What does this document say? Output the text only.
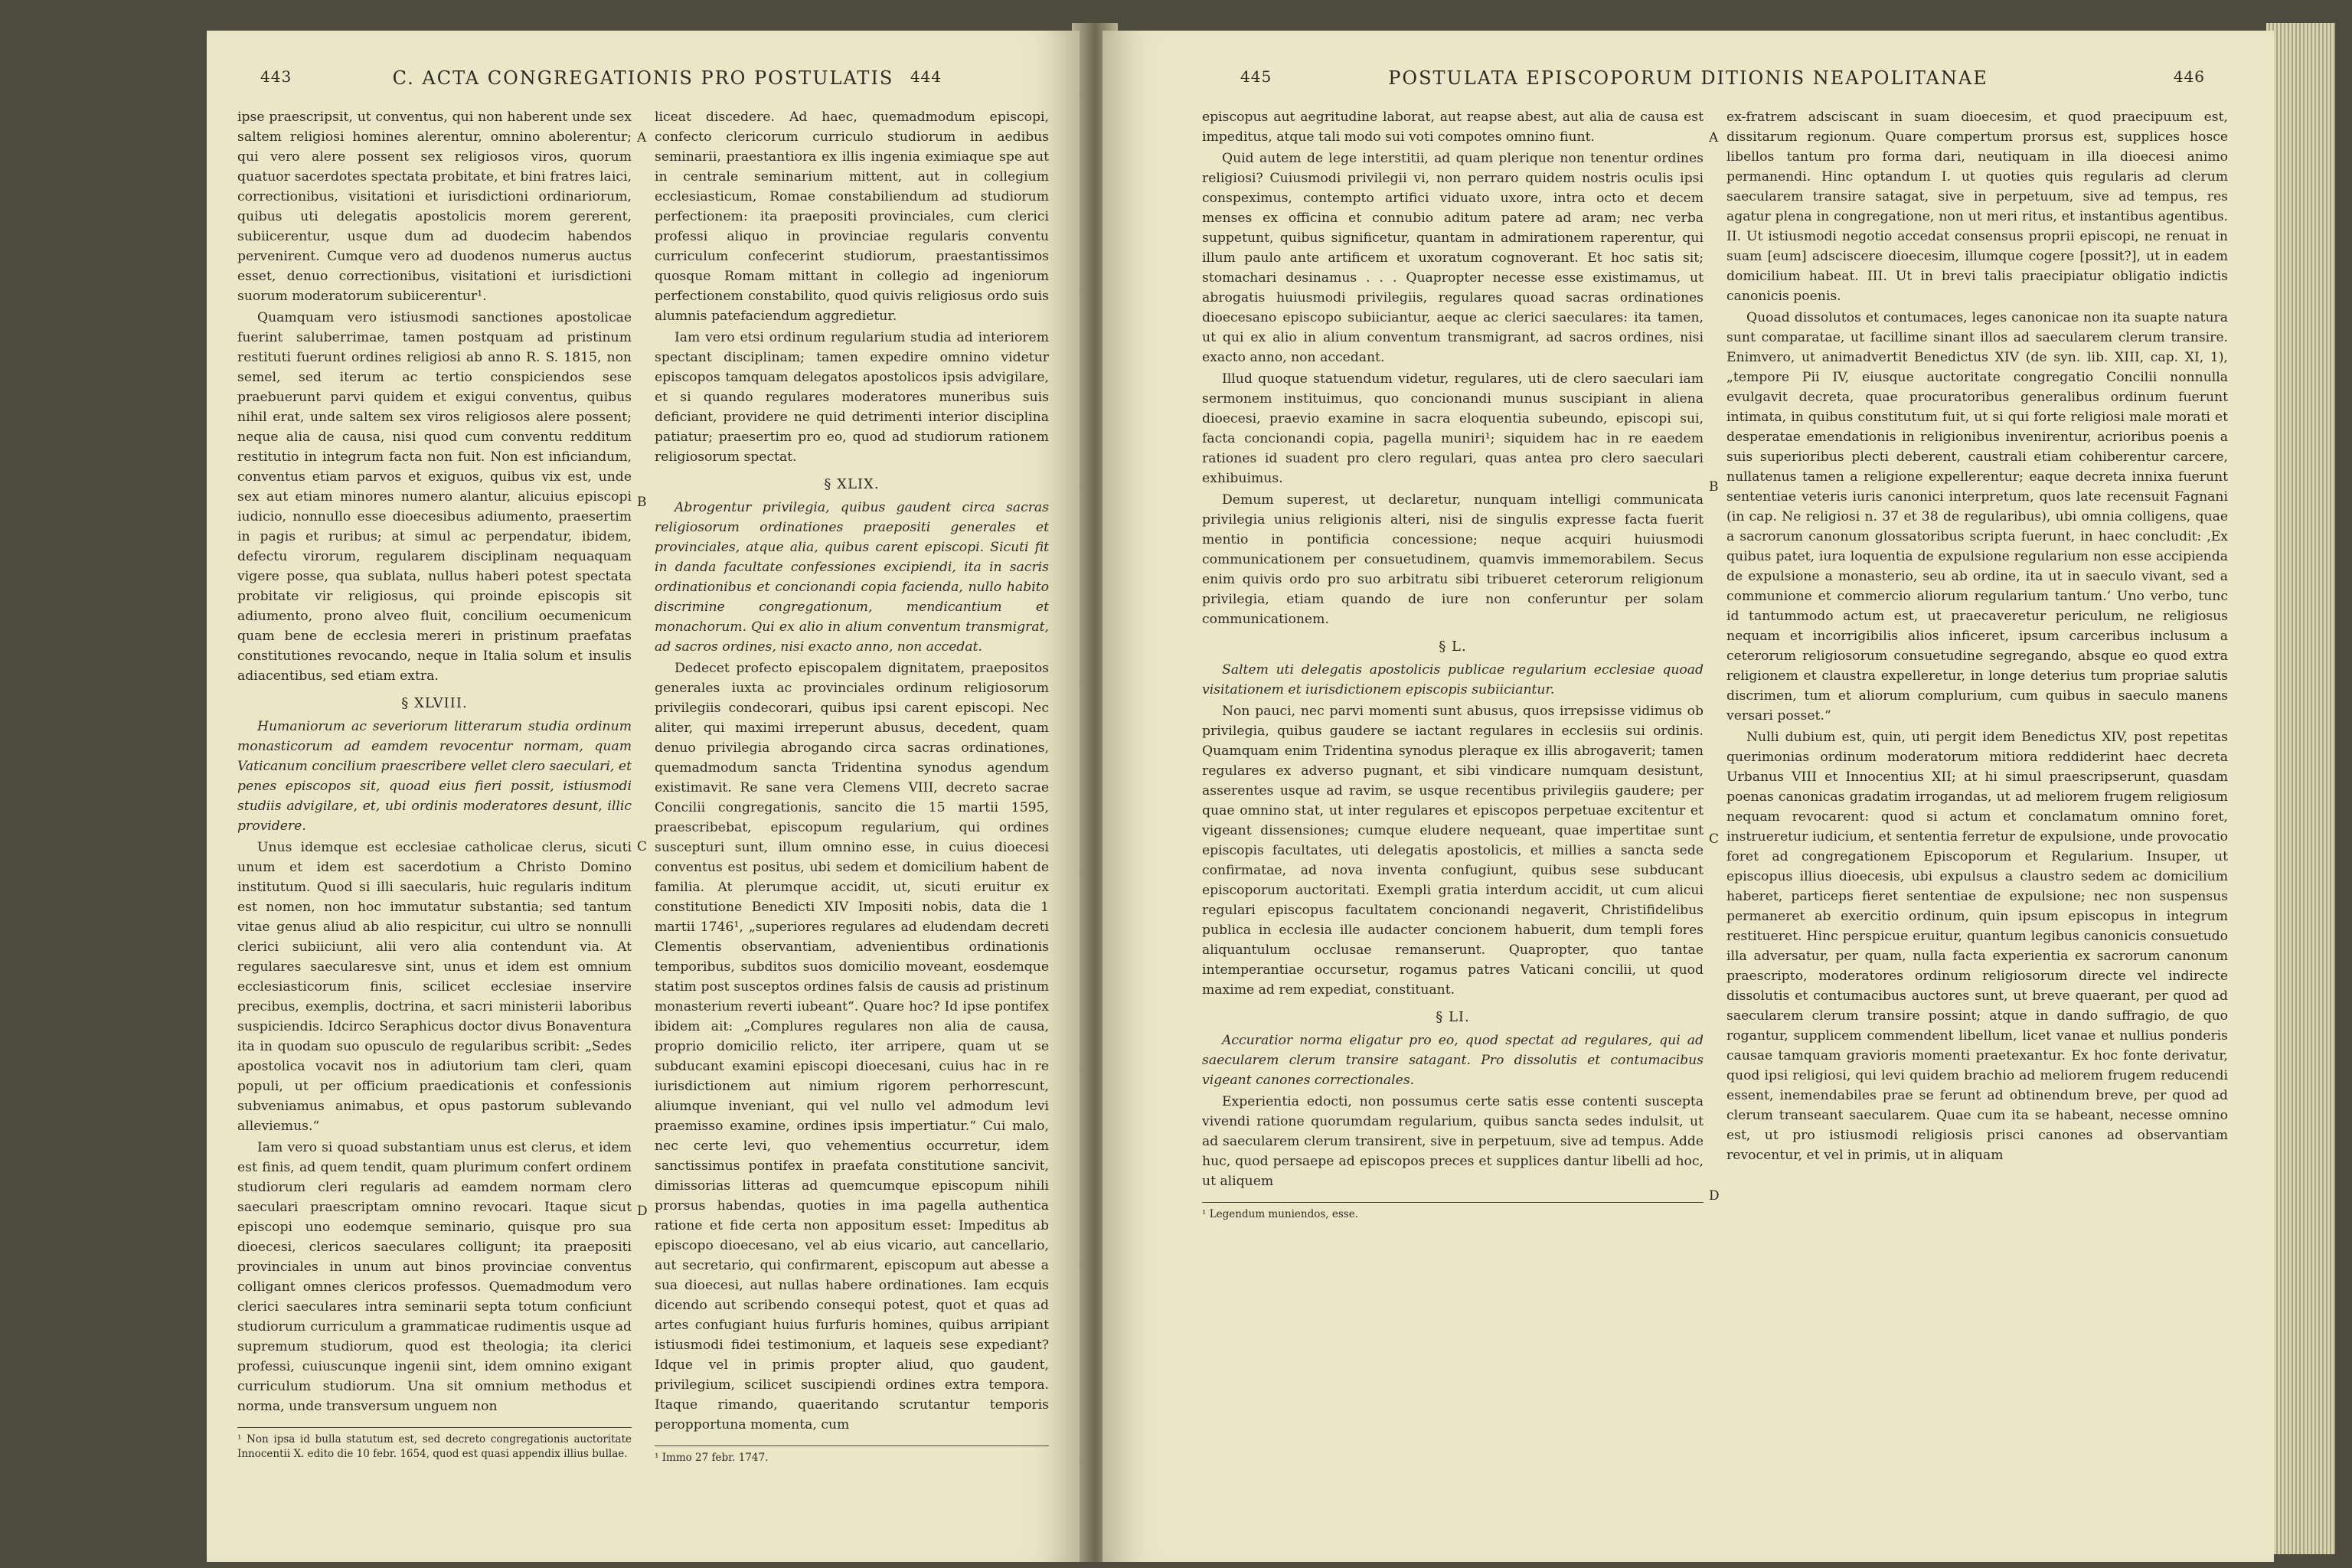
443	C. ACTA CONGREGATIONIS PRO POSTULATIS	444

ipse praescripsit, ut conventus, qui non haberent unde sex saltem religiosi homines alerentur, omnino abolerentur; qui vero alere possent sex religiosos viros, quorum quatuor sacerdotes spectata probitate, et bini fratres laici, correctionibus, visitationi et iurisdictioni ordinariorum, quibus uti delegatis apostolicis morem gererent, subiicerentur, usque dum ad duodecim habendos pervenirent. Cumque vero ad duodenos numerus auctus esset, denuo correctionibus, visitationi et iurisdictioni suorum moderatorum subiicerentur¹.

Quamquam vero istiusmodi sanctiones apostolicae fuerint saluberrimae, tamen postquam ad pristinum restituti fuerunt ordines religiosi ab anno R. S. 1815, non semel, sed iterum ac tertio conspiciendos sese praebuerunt parvi quidem et exigui conventus, quibus nihil erat, unde saltem sex viros religiosos alere possent; neque alia de causa, nisi quod cum conventu redditum restitutio in integrum facta non fuit. Non est inficiandum, conventus etiam parvos et exiguos, quibus vix est, unde sex aut etiam minores numero alantur, alicuius episcopi iudicio, nonnullo esse dioecesibus adiumento, praesertim in pagis et ruribus; at simul ac perpendatur, ibidem, defectu virorum, regularem disciplinam nequaquam vigere posse, qua sublata, nullus haberi potest spectata probitate vir religiosus, qui proinde episcopis sit adiumento, prono alveo fluit, concilium oecumenicum quam bene de ecclesia mereri in pristinum praefatas constitutiones revocando, neque in Italia solum et insulis adiacentibus, sed etiam extra.

§ XLVIII.

Humaniorum ac severiorum litterarum studia ordinum monasticorum ad eamdem revocentur normam, quam Vaticanum concilium praescribere vellet clero saeculari, et penes episcopos sit, quoad eius fieri possit, istiusmodi studiis advigilare, et, ubi ordinis moderatores desunt, illic providere.

Unus idemque est ecclesiae catholicae clerus, sicuti unum et idem est sacerdotium a Christo Domino institutum. Quod si illi saecularis, huic regularis inditum est nomen, non hoc immutatur substantia; sed tantum vitae genus aliud ab alio respicitur, cui ultro se nonnulli clerici subiiciunt, alii vero alia contendunt via. At regulares saecularesve sint, unus et idem est omnium ecclesiasticorum finis, scilicet ecclesiae inservire precibus, exemplis, doctrina, et sacri ministerii laboribus suspiciendis. Idcirco Seraphicus doctor divus Bonaventura ita in quodam suo opusculo de regularibus scribit: „Sedes apostolica vocavit nos in adiutorium tam cleri, quam populi, ut per officium praedicationis et confessionis subveniamus animabus, et opus pastorum sublevando alleviemus.“

Iam vero si quoad substantiam unus est clerus, et idem est finis, ad quem tendit, quam plurimum confert ordinem studiorum cleri regularis ad eamdem normam clero saeculari praescriptam omnino revocari. Itaque sicut episcopi uno eodemque seminario, quisque pro sua dioecesi, clericos saeculares colligunt; ita praepositi provinciales in unum aut binos provinciae conventus colligant omnes clericos professos. Quemadmodum vero clerici saeculares intra seminarii septa totum conficiunt studiorum curriculum a grammaticae rudimentis usque ad supremum studiorum, quod est theologia; ita clerici professi, cuiuscunque ingenii sint, idem omnino exigant curriculum studiorum. Una sit omnium methodus et norma, unde transversum unguem non

¹ Non ipsa id bulla statutum est, sed decreto congregationis auctoritate Innocentii X. edito die 10 febr. 1654, quod est quasi appendix illius bullae.

liceat discedere. Ad haec, quemadmodum episcopi, confecto clericorum curriculo studiorum in aedibus seminarii, praestantiora ex illis ingenia eximiaque spe aut in centrale seminarium mittent, aut in collegium ecclesiasticum, Romae constabiliendum ad studiorum perfectionem: ita praepositi provinciales, cum clerici professi aliquo in provinciae regularis conventu curriculum confecerint studiorum, praestantissimos quosque Romam mittant in collegio ad ingeniorum perfectionem constabilito, quod quivis religiosus ordo suis alumnis patefaciendum aggredietur.

Iam vero etsi ordinum regularium studia ad interiorem spectant disciplinam; tamen expedire omnino videtur episcopos tamquam delegatos apostolicos ipsis advigilare, et si quando regulares moderatores muneribus suis deficiant, providere ne quid detrimenti interior disciplina patiatur; praesertim pro eo, quod ad studiorum rationem religiosorum spectat.

§ XLIX.

Abrogentur privilegia, quibus gaudent circa sacras religiosorum ordinationes praepositi generales et provinciales, atque alia, quibus carent episcopi. Sicuti fit in danda facultate confessiones excipiendi, ita in sacris ordinationibus et concionandi copia facienda, nullo habito discrimine congregationum, mendicantium et monachorum. Qui ex alio in alium conventum transmigrat, ad sacros ordines, nisi exacto anno, non accedat.

Dedecet profecto episcopalem dignitatem, praepositos generales iuxta ac provinciales ordinum religiosorum privilegiis condecorari, quibus ipsi carent episcopi. Nec aliter, qui maximi irreperunt abusus, decedent, quam denuo privilegia abrogando circa sacras ordinationes, quemadmodum sancta Tridentina synodus agendum existimavit. Re sane vera Clemens VIII, decreto sacrae Concilii congregationis, sancito die 15 martii 1595, praescribebat, episcopum regularium, qui ordines suscepturi sunt, illum omnino esse, in cuius dioecesi conventus est positus, ubi sedem et domicilium habent de familia. At plerumque accidit, ut, sicuti eruitur ex constitutione Benedicti XIV Impositi nobis, data die 1 martii 1746¹, „superiores regulares ad eludendam decreti Clementis observantiam, advenientibus ordinationis temporibus, subditos suos domicilio moveant, eosdemque statim post susceptos ordines falsis de causis ad pristinum monasterium reverti iubeant“. Quare hoc? Id ipse pontifex ibidem ait: „Complures regulares non alia de causa, proprio domicilio relicto, iter arripere, quam ut se subducant examini episcopi dioecesani, cuius hac in re iurisdictionem aut nimium rigorem perhorrescunt, aliumque inveniant, qui vel nullo vel admodum levi praemisso examine, ordines ipsis impertiatur.“ Cui malo, nec certe levi, quo vehementius occurretur, idem sanctissimus pontifex in praefata constitutione sancivit, dimissorias litteras ad quemcumque episcopum nihili prorsus habendas, quoties in ima pagella authentica ratione et fide certa non appositum esset: Impeditus ab episcopo dioecesano, vel ab eius vicario, aut cancellario, aut secretario, qui confirmarent, episcopum aut abesse a sua dioecesi, aut nullas habere ordinationes. Iam ecquis dicendo aut scribendo consequi potest, quot et quas ad artes confugiant huius furfuris homines, quibus arripiant istiusmodi fidei testimonium, et laqueis sese expediant? Idque vel in primis propter aliud, quo gaudent, privilegium, scilicet suscipiendi ordines extra tempora. Itaque rimando, quaeritando scrutantur temporis peropportuna momenta, cum

¹ Immo 27 febr. 1747.
A
B
C
D
445	POSTULATA EPISCOPORUM DITIONIS NEAPOLITANAE	446

episcopus aut aegritudine laborat, aut reapse abest, aut alia de causa est impeditus, atque tali modo sui voti compotes omnino fiunt.

Quid autem de lege interstitii, ad quam plerique non tenentur ordines religiosi? Cuiusmodi privilegii vi, non perraro quidem nostris oculis ipsi conspeximus, contempto artifici viduato uxore, intra octo et decem menses ex officina et connubio aditum patere ad aram; nec verba suppetunt, quibus significetur, quantam in admirationem raperentur, qui illum paulo ante artificem et uxoratum cognoverant. Et hoc satis sit; stomachari desinamus . . . Quapropter necesse esse existimamus, ut abrogatis huiusmodi privilegiis, regulares quoad sacras ordinationes dioecesano episcopo subiiciantur, aeque ac clerici saeculares: ita tamen, ut qui ex alio in alium conventum transmigrant, ad sacros ordines, nisi exacto anno, non accedant.

Illud quoque statuendum videtur, regulares, uti de clero saeculari iam sermonem instituimus, quo concionandi munus suscipiant in aliena dioecesi, praevio examine in sacra eloquentia subeundo, episcopi sui, facta concionandi copia, pagella muniri¹; siquidem hac in re eaedem rationes id suadent pro clero regulari, quas antea pro clero saeculari exhibuimus.

Demum superest, ut declaretur, nunquam intelligi communicata privilegia unius religionis alteri, nisi de singulis expresse facta fuerit mentio in pontificia concessione; neque acquiri huiusmodi communicationem per consuetudinem, quamvis immemorabilem. Secus enim quivis ordo pro suo arbitratu sibi tribueret ceterorum religionum privilegia, etiam quando de iure non conferuntur per solam communicationem.

§ L.

Saltem uti delegatis apostolicis publicae regularium ecclesiae quoad visitationem et iurisdictionem episcopis subiiciantur.

Non pauci, nec parvi momenti sunt abusus, quos irrepsisse vidimus ob privilegia, quibus gaudere se iactant regulares in ecclesiis sui ordinis. Quamquam enim Tridentina synodus pleraque ex illis abrogaverit; tamen regulares ex adverso pugnant, et sibi vindicare numquam desistunt, asserentes usque ad ravim, se usque recentibus privilegiis gaudere; per quae omnino stat, ut inter regulares et episcopos perpetuae excitentur et vigeant dissensiones; cumque eludere nequeant, quae impertitae sunt episcopis facultates, uti delegatis apostolicis, et millies a sancta sede confirmatae, ad nova inventa confugiunt, quibus sese subducant episcoporum auctoritati. Exempli gratia interdum accidit, ut cum alicui regulari episcopus facultatem concionandi negaverit, Christifidelibus publica in ecclesia ille audacter concionem habuerit, dum templi fores aliquantulum occlusae remanserunt. Quapropter, quo tantae intemperantiae occursetur, rogamus patres Vaticani concilii, ut quod maxime ad rem expediat, constituant.

§ LI.

Accuratior norma eligatur pro eo, quod spectat ad regulares, qui ad saecularem clerum transire satagant. Pro dissolutis et contumacibus vigeant canones correctionales.

Experientia edocti, non possumus certe satis esse contenti suscepta vivendi ratione quorumdam regularium, quibus sancta sedes indulsit, ut ad saecularem clerum transirent, sive in perpetuum, sive ad tempus. Adde huc, quod persaepe ad episcopos preces et supplices dantur libelli ad hoc, ut aliquem

¹ Legendum muniendos, esse.

ex-fratrem adsciscant in suam dioecesim, et quod praecipuum est, dissitarum regionum. Quare compertum prorsus est, supplices hosce libellos tantum pro forma dari, neutiquam in illa dioecesi animo permanendi. Hinc optandum I. ut quoties quis regularis ad clerum saecularem transire satagat, sive in perpetuum, sive ad tempus, res agatur plena in congregatione, non ut meri ritus, et instantibus agentibus. II. Ut istiusmodi negotio accedat consensus proprii episcopi, ne renuat in suam [eum] adsciscere dioecesim, illumque cogere [possit?], ut in eadem domicilium habeat. III. Ut in brevi talis praecipiatur obligatio indictis canonicis poenis.

Quoad dissolutos et contumaces, leges canonicae non ita suapte natura sunt comparatae, ut facillime sinant illos ad saecularem clerum transire. Enimvero, ut animadvertit Benedictus XIV (de syn. lib. XIII, cap. XI, 1), „tempore Pii IV, eiusque auctoritate congregatio Concilii nonnulla evulgavit decreta, quae procuratoribus generalibus ordinum fuerunt intimata, in quibus constitutum fuit, ut si qui forte religiosi male morati et desperatae emendationis in religionibus invenirentur, acrioribus poenis a suis superioribus plecti deberent, caustrali etiam cohiberentur carcere, nullatenus tamen a religione expellerentur; eaque decreta innixa fuerunt sententiae veteris iuris canonici interpretum, quos late recensuit Fagnani (in cap. Ne religiosi n. 37 et 38 de regularibus), ubi omnia colligens, quae a sacrorum canonum glossatoribus scripta fuerunt, in haec concludit: ‚Ex quibus patet, iura loquentia de expulsione regularium non esse accipienda de expulsione a monasterio, seu ab ordine, ita ut in saeculo vivant, sed a communione et commercio aliorum regularium tantum.‘ Uno verbo, tunc id tantummodo actum est, ut praecaveretur periculum, ne religiosus nequam et incorrigibilis alios inficeret, ipsum carceribus inclusum a ceterorum religiosorum consuetudine segregando, absque eo quod extra religionem et claustra expelleretur, in longe deterius tum propriae salutis discrimen, tum et aliorum complurium, cum quibus in saeculo manens versari posset.“

Nulli dubium est, quin, uti pergit idem Benedictus XIV, post repetitas querimonias ordinum moderatorum mitiora reddiderint haec decreta Urbanus VIII et Innocentius XII; at hi simul praescripserunt, quasdam poenas canonicas gradatim irrogandas, ut ad meliorem frugem religiosum nequam revocarent: quod si actum et conclamatum omnino foret, instrueretur iudicium, et sententia ferretur de expulsione, unde provocatio foret ad congregationem Episcoporum et Regularium. Insuper, ut episcopus illius dioecesis, ubi expulsus a claustro sedem ac domicilium haberet, particeps fieret sententiae de expulsione; nec non suspensus permaneret ab exercitio ordinum, quin ipsum episcopus in integrum restitueret. Hinc perspicue eruitur, quantum legibus canonicis consuetudo illa adversatur, per quam, nulla facta experientia ex sacrorum canonum praescripto, moderatores ordinum religiosorum directe vel indirecte dissolutis et contumacibus auctores sunt, ut breve quaerant, per quod ad saecularem clerum transire possint; atque in dando suffragio, de quo rogantur, supplicem commendent libellum, licet vanae et nullius ponderis causae tamquam gravioris momenti praetexantur. Ex hoc fonte derivatur, quod ipsi religiosi, qui levi quidem brachio ad meliorem frugem reducendi essent, inemendabiles prae se ferunt ad obtinendum breve, per quod ad clerum transeant saecularem. Quae cum ita se habeant, necesse omnino est, ut pro istiusmodi religiosis prisci canones ad observantiam revocentur, et vel in primis, ut in aliquam

A
B
C
D
